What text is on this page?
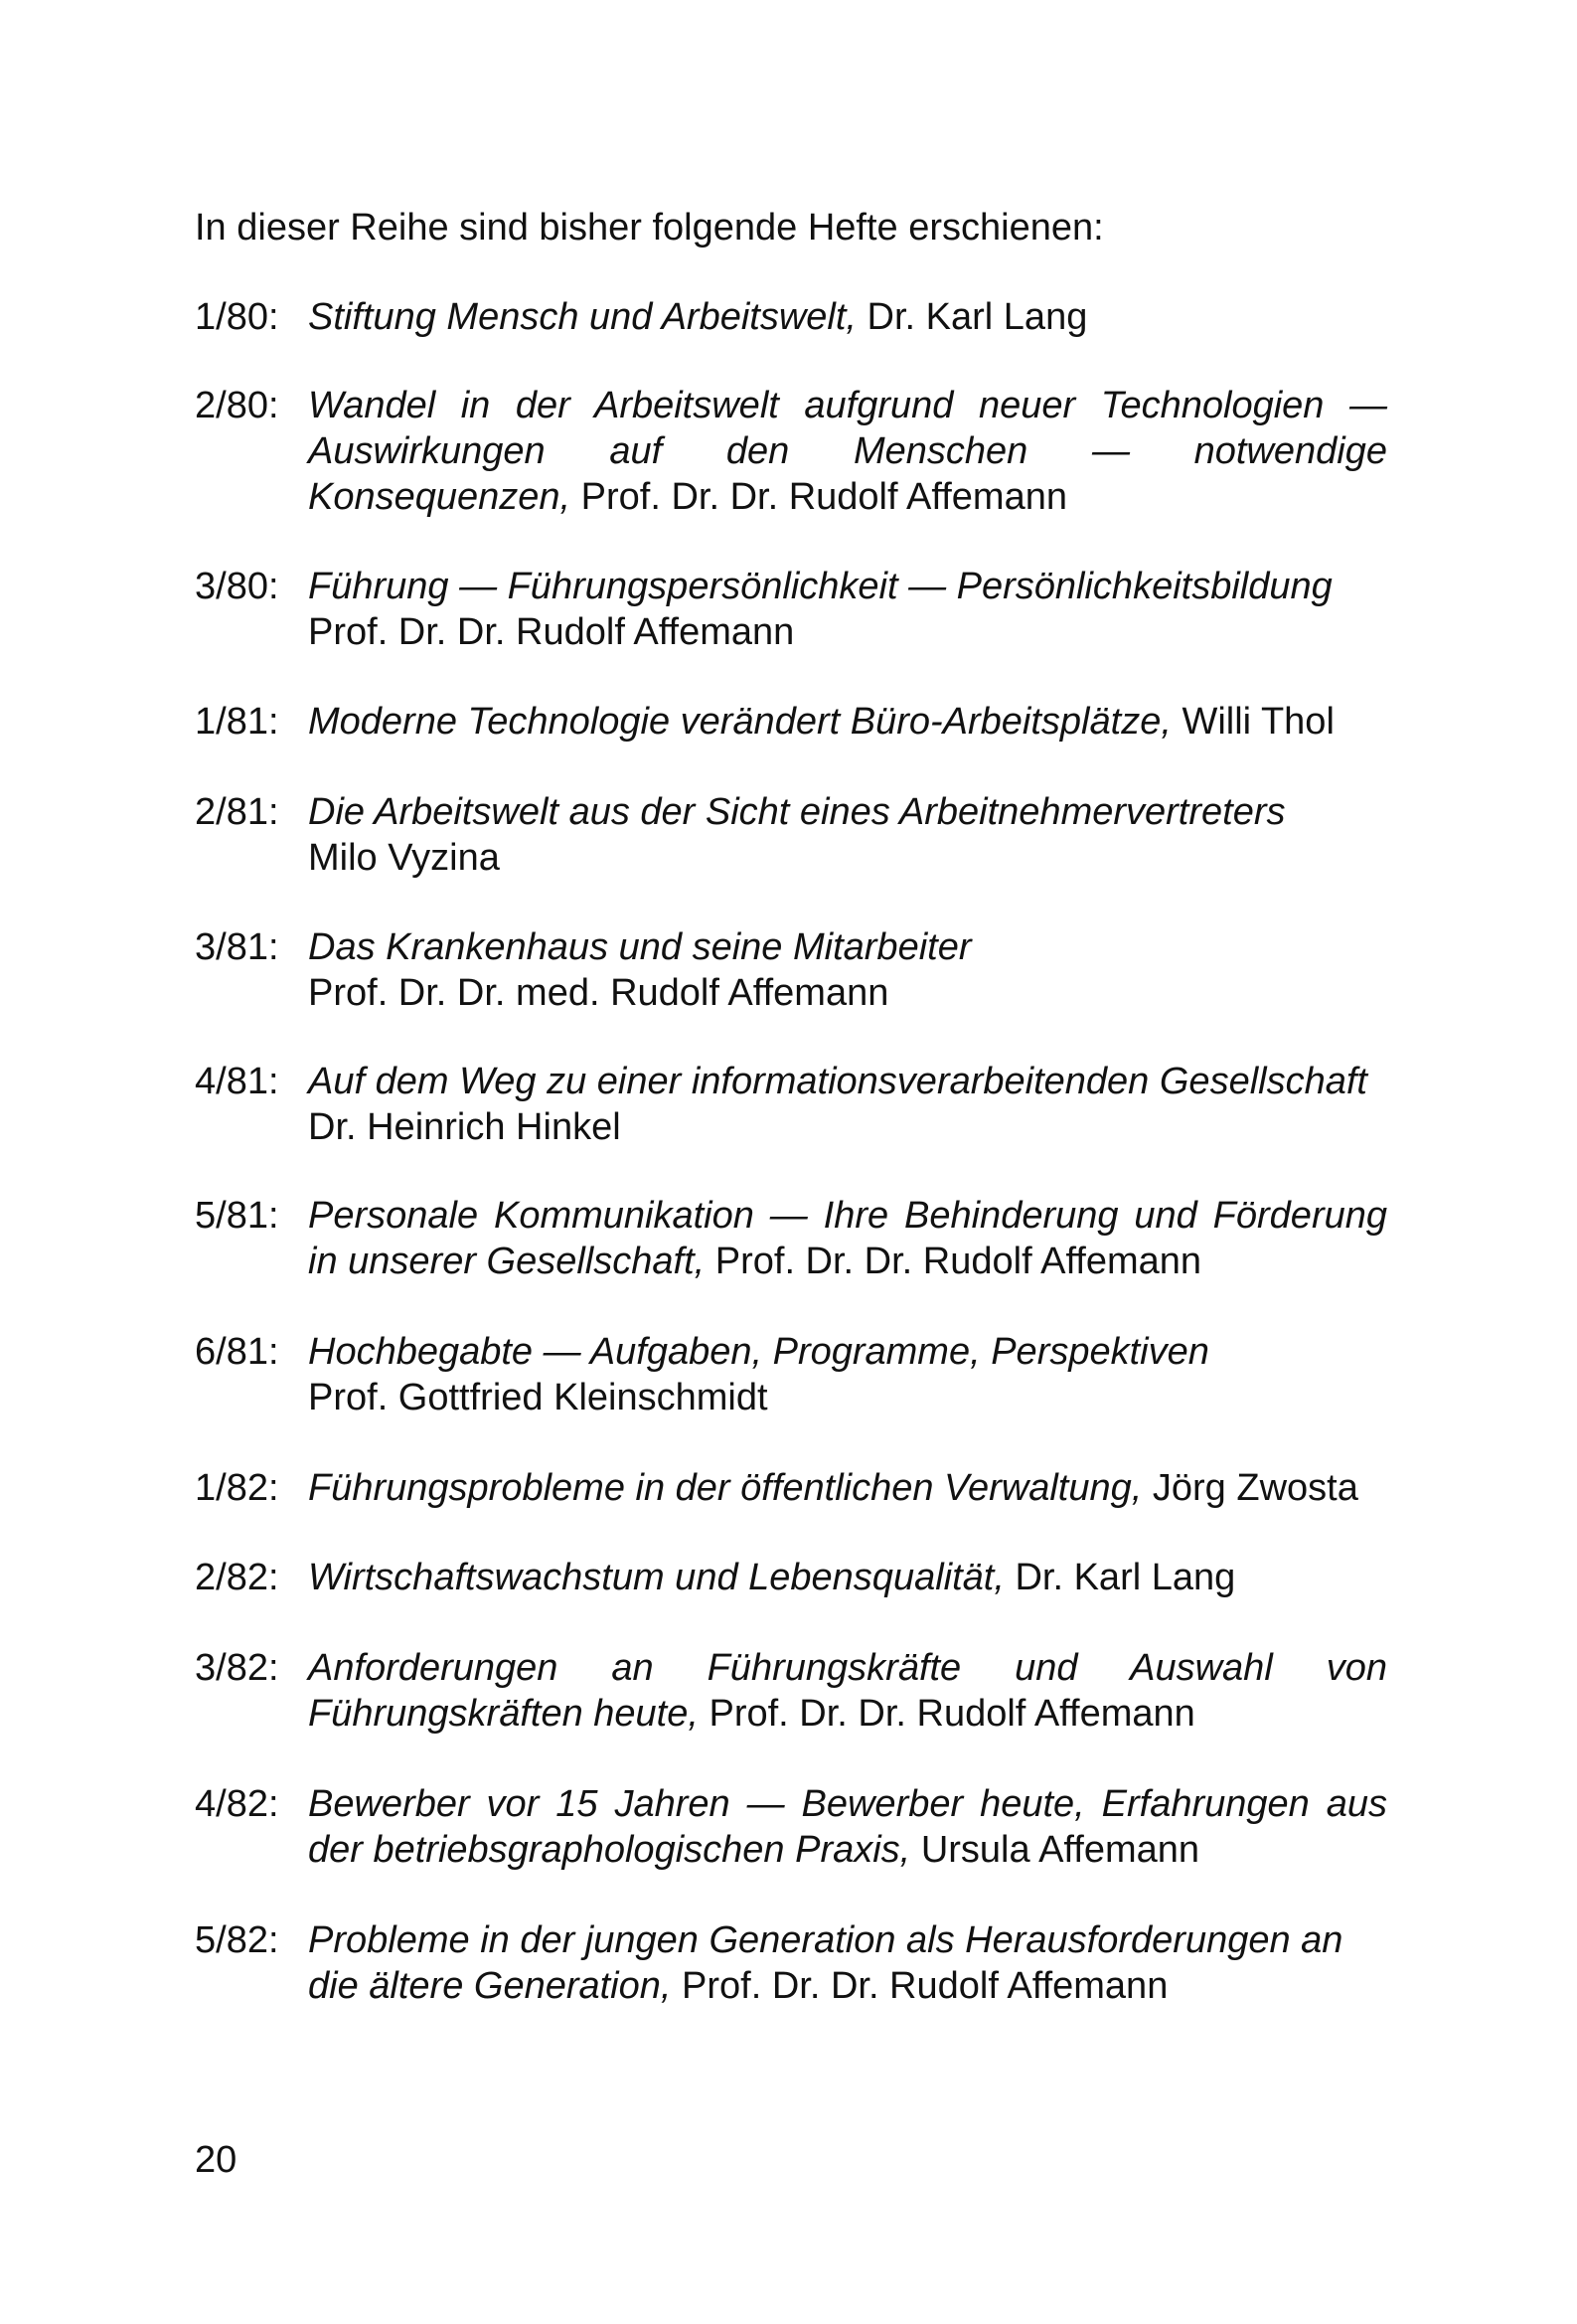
In dieser Reihe sind bisher folgende Hefte erschienen:
1/80: Stiftung Mensch und Arbeitswelt, Dr. Karl Lang
2/80: Wandel in der Arbeitswelt aufgrund neuer Technologien — Auswirkungen auf den Menschen — notwendige Konsequenzen, Prof. Dr. Dr. Rudolf Affemann
3/80: Führung — Führungspersönlichkeit — Persönlichkeitsbildung
Prof. Dr. Dr. Rudolf Affemann
1/81: Moderne Technologie verändert Büro-Arbeitsplätze, Willi Thol
2/81: Die Arbeitswelt aus der Sicht eines Arbeitnehmervertreters
Milo Vyzina
3/81: Das Krankenhaus und seine Mitarbeiter
Prof. Dr. Dr. med. Rudolf Affemann
4/81: Auf dem Weg zu einer informationsverarbeitenden Gesellschaft
Dr. Heinrich Hinkel
5/81: Personale Kommunikation — Ihre Behinderung und Förderung in unserer Gesellschaft, Prof. Dr. Dr. Rudolf Affemann
6/81: Hochbegabte — Aufgaben, Programme, Perspektiven
Prof. Gottfried Kleinschmidt
1/82: Führungsprobleme in der öffentlichen Verwaltung, Jörg Zwosta
2/82: Wirtschaftswachstum und Lebensqualität, Dr. Karl Lang
3/82: Anforderungen an Führungskräfte und Auswahl von Führungskräften heute, Prof. Dr. Dr. Rudolf Affemann
4/82: Bewerber vor 15 Jahren — Bewerber heute, Erfahrungen aus der betriebsgraphologischen Praxis, Ursula Affemann
5/82: Probleme in der jungen Generation als Herausforderungen an die ältere Generation, Prof. Dr. Dr. Rudolf Affemann
20
